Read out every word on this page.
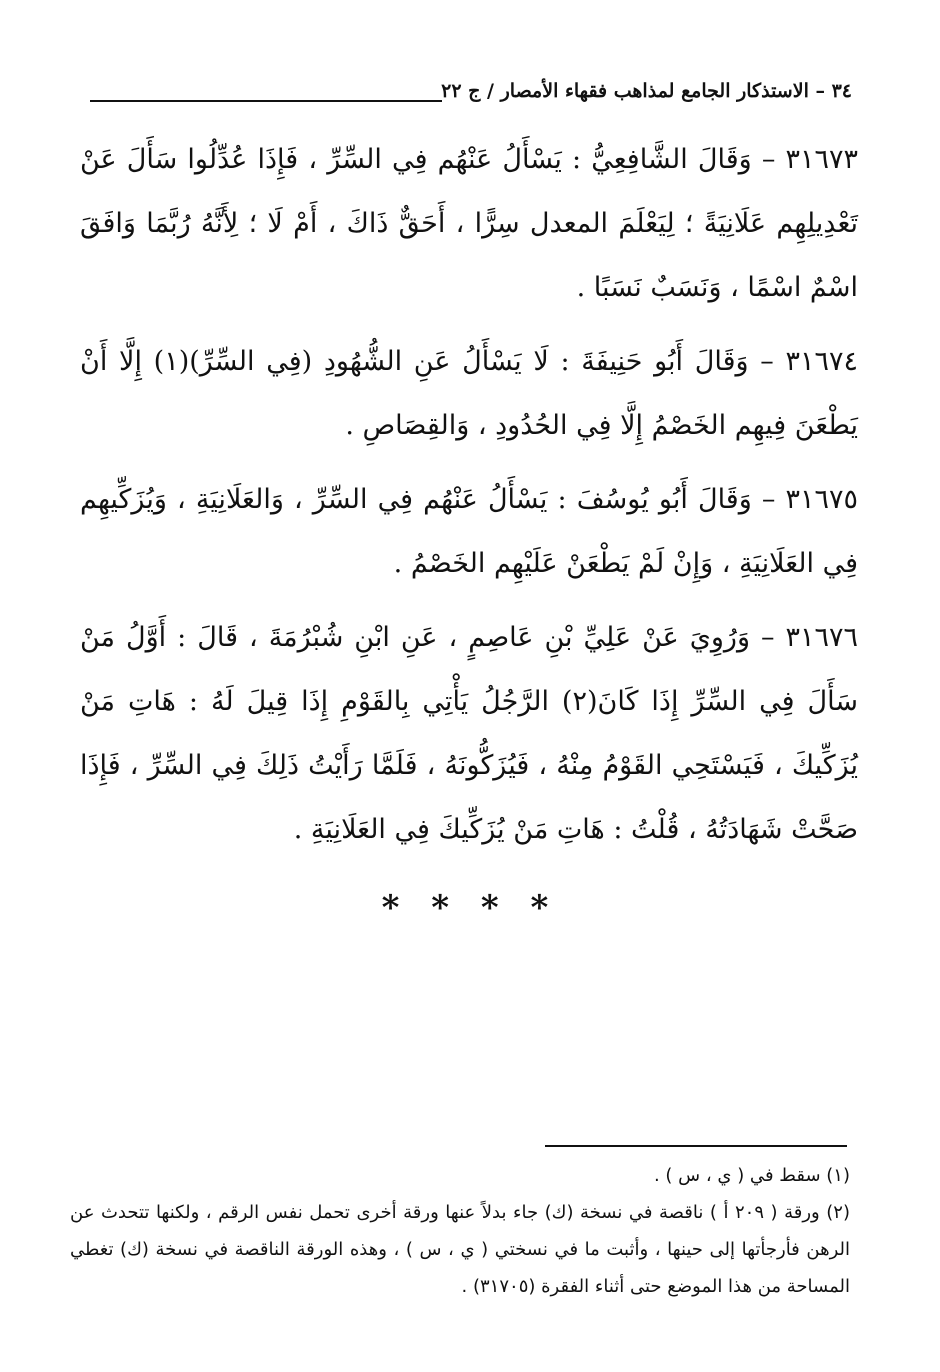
٣٤ – الاستذكار الجامع لمذاهب فقهاء الأمصار / ج ٢٢

٣١٦٧٣ – وَقَالَ الشَّافِعِيُّ : يَسْأَلُ عَنْهُم فِي السِّرِّ ، فَإِذَا عُدِّلُوا سَأَلَ عَنْ تَعْدِيلِهِم عَلَانِيَةً ؛ لِيَعْلَمَ المعدل سِرًّا ، أَحَقٌّ ذَاكَ ، أَمْ لَا ؛ لِأَنَّهُ رُبَّمَا وَافَقَ اسْمٌ اسْمًا ، وَنَسَبٌ نَسَبًا .

٣١٦٧٤ – وَقَالَ أَبُو حَنِيفَةَ : لَا يَسْأَلُ عَنِ الشُّهُودِ (فِي السِّرِّ)(١) إِلَّا أَنْ يَطْعَنَ فِيهِم الخَصْمُ إِلَّا فِي الحُدُودِ ، وَالقِصَاصِ .

٣١٦٧٥ – وَقَالَ أَبُو يُوسُفَ : يَسْأَلُ عَنْهُم فِي السِّرِّ ، وَالعَلَانِيَةِ ، وَيُزَكِّيهِم فِي العَلَانِيَةِ ، وَإِنْ لَمْ يَطْعَنْ عَلَيْهِم الخَصْمُ .

٣١٦٧٦ – وَرُوِيَ عَنْ عَلِيِّ بْنِ عَاصِمٍ ، عَنِ ابْنِ شُبْرُمَةَ ، قَالَ : أَوَّلُ مَنْ سَأَلَ فِي السِّرِّ إِذَا كَانَ(٢) الرَّجُلُ يَأْتِي بِالقَوْمِ إِذَا قِيلَ لَهُ : هَاتِ مَنْ يُزَكِّيكَ ، فَيَسْتَحِي القَوْمُ مِنْهُ ، فَيُزَكُّونَهُ ، فَلَمَّا رَأَيْتُ ذَلِكَ فِي السِّرِّ ، فَإِذَا صَحَّتْ شَهَادَتُهُ ، قُلْتُ : هَاتِ مَنْ يُزَكِّيكَ فِي العَلَانِيَةِ .

* * * *

(١) سقط في ( ي ، س ) .

(٢) ورقة ( ٢٠٩ أ ) ناقصة في نسخة (ك) جاء بدلاً عنها ورقة أخرى تحمل نفس الرقم ، ولكنها تتحدث عن الرهن فأرجأتها إلى حينها ، وأثبت ما في نسختي ( ي ، س ) ، وهذه الورقة الناقصة في نسخة (ك) تغطي المساحة من هذا الموضع حتى أثناء الفقرة (٣١٧٠٥) .
